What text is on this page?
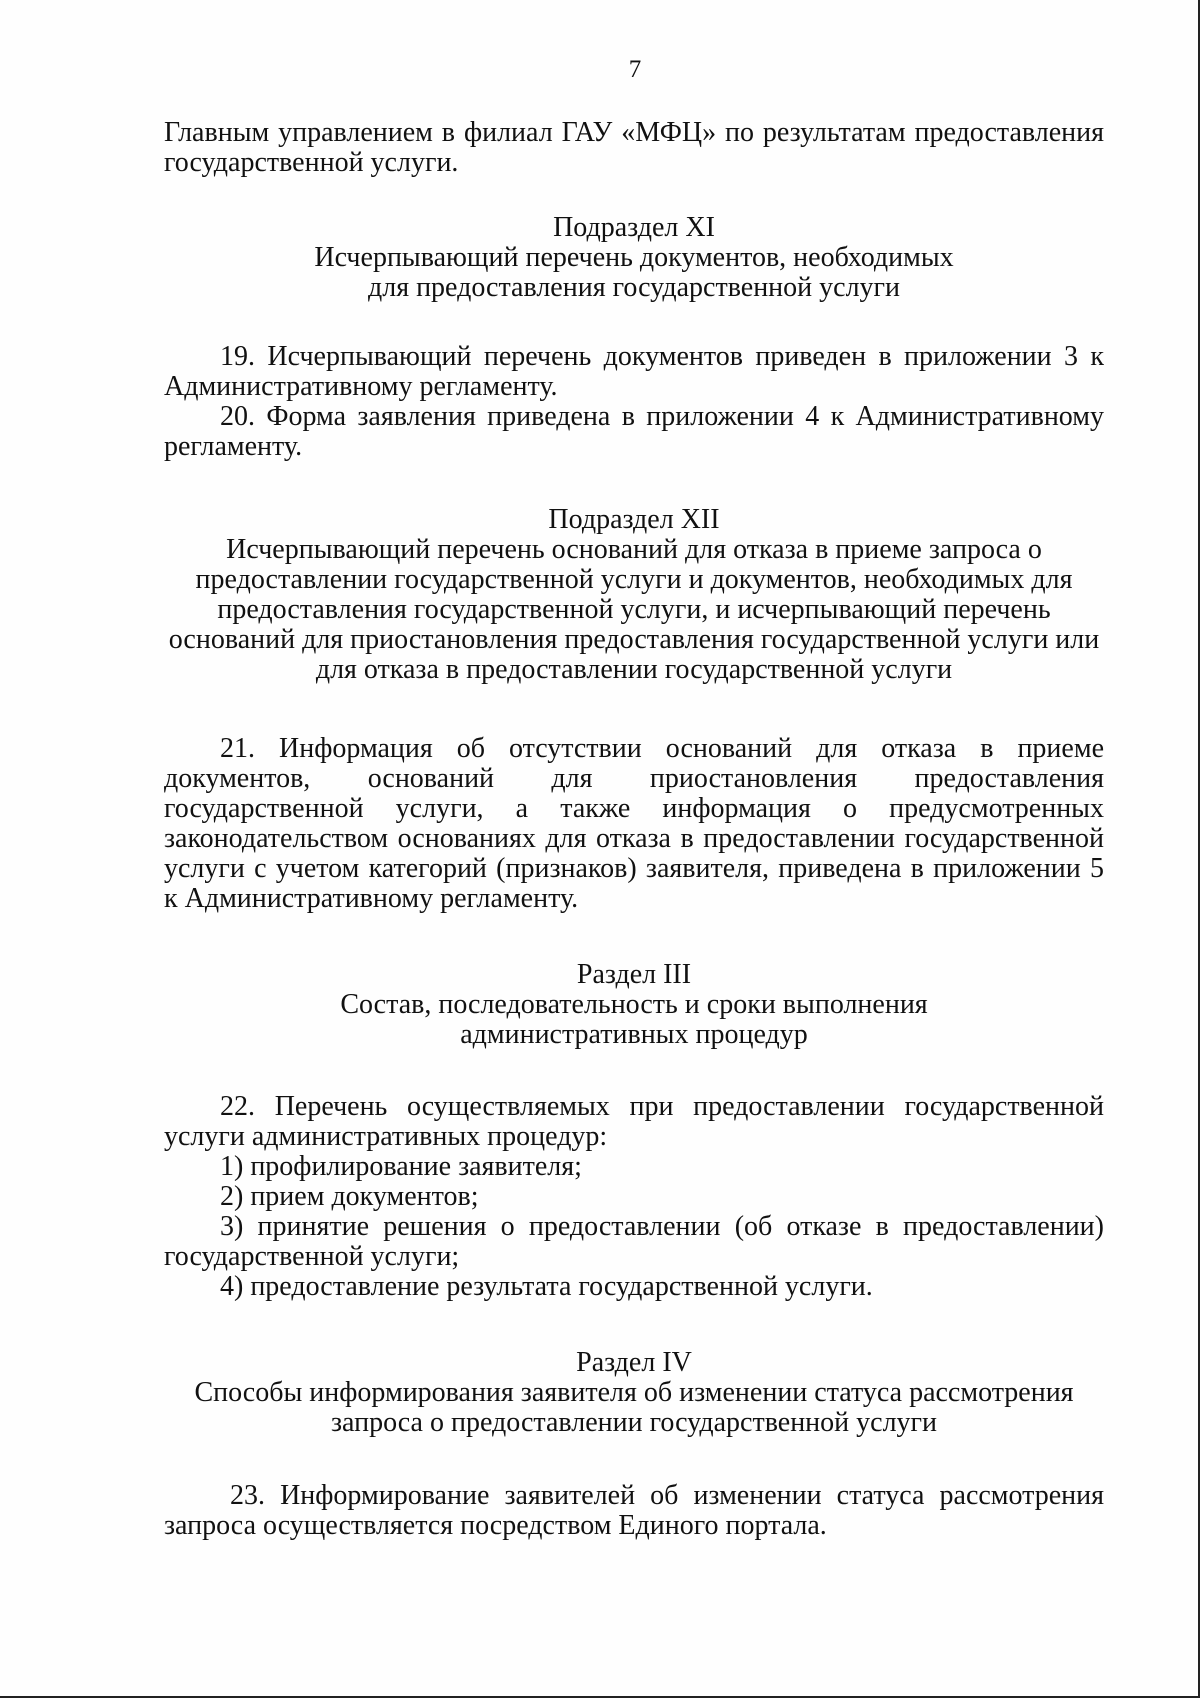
7

Главным управлением в филиал ГАУ «МФЦ» по результатам предоставления государственной услуги.

Подраздел XI
Исчерпывающий перечень документов, необходимых
для предоставления государственной услуги

19. Исчерпывающий перечень документов приведен в приложении 3 к Административному регламенту.

20. Форма заявления приведена в приложении 4 к Административному регламенту.

Подраздел XII
Исчерпывающий перечень оснований для отказа в приеме запроса о
предоставлении государственной услуги и документов, необходимых для
предоставления государственной услуги, и исчерпывающий перечень
оснований для приостановления предоставления государственной услуги или
для отказа в предоставлении государственной услуги

21. Информация об отсутствии оснований для отказа в приеме документов, оснований для приостановления предоставления государственной услуги, а также информация о предусмотренных законодательством основаниях для отказа в предоставлении государственной услуги с учетом категорий (признаков) заявителя, приведена в приложении 5 к Административному регламенту.

Раздел III
Состав, последовательность и сроки выполнения
административных процедур

22. Перечень осуществляемых при предоставлении государственной услуги административных процедур:

1) профилирование заявителя;

2) прием документов;

3) принятие решения о предоставлении (об отказе в предоставлении) государственной услуги;

4) предоставление результата государственной услуги.

Раздел IV
Способы информирования заявителя об изменении статуса рассмотрения
запроса о предоставлении государственной услуги

23. Информирование заявителей об изменении статуса рассмотрения запроса осуществляется посредством Единого портала.
